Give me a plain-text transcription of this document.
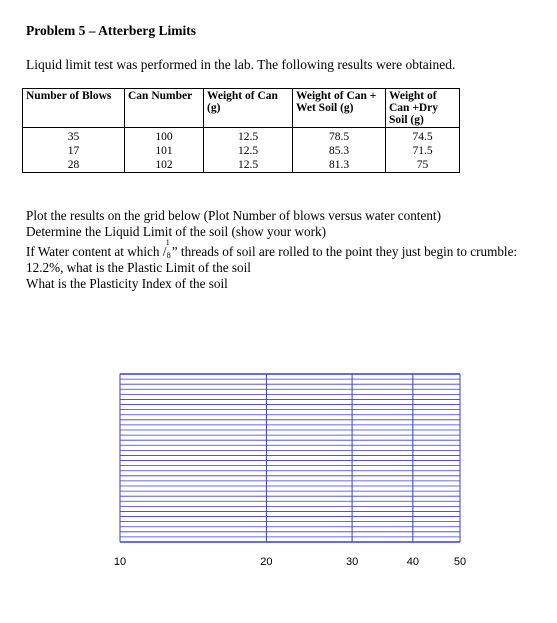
Problem 5 – Atterberg Limits
Liquid limit test was performed in the lab. The following results were obtained.
Number of Blows	Can Number	Weight of Can (g)	Weight of Can + Wet Soil (g)	Weight of Can +Dry Soil (g)
35	100	12.5	78.5	74.5
17	101	12.5	85.3	71.5
28	102	12.5	81.3	75
Plot the results on the grid below (Plot Number of blows versus water content)
Determine the Liquid Limit of the soil (show your work)
If Water content at which
1
/ 8 ” threads of soil are rolled to the point they just begin to crumble: 12.2%, what is the Plastic Limit of the soil
What is the Plasticity Index of the soil
10	20	30	40	50
